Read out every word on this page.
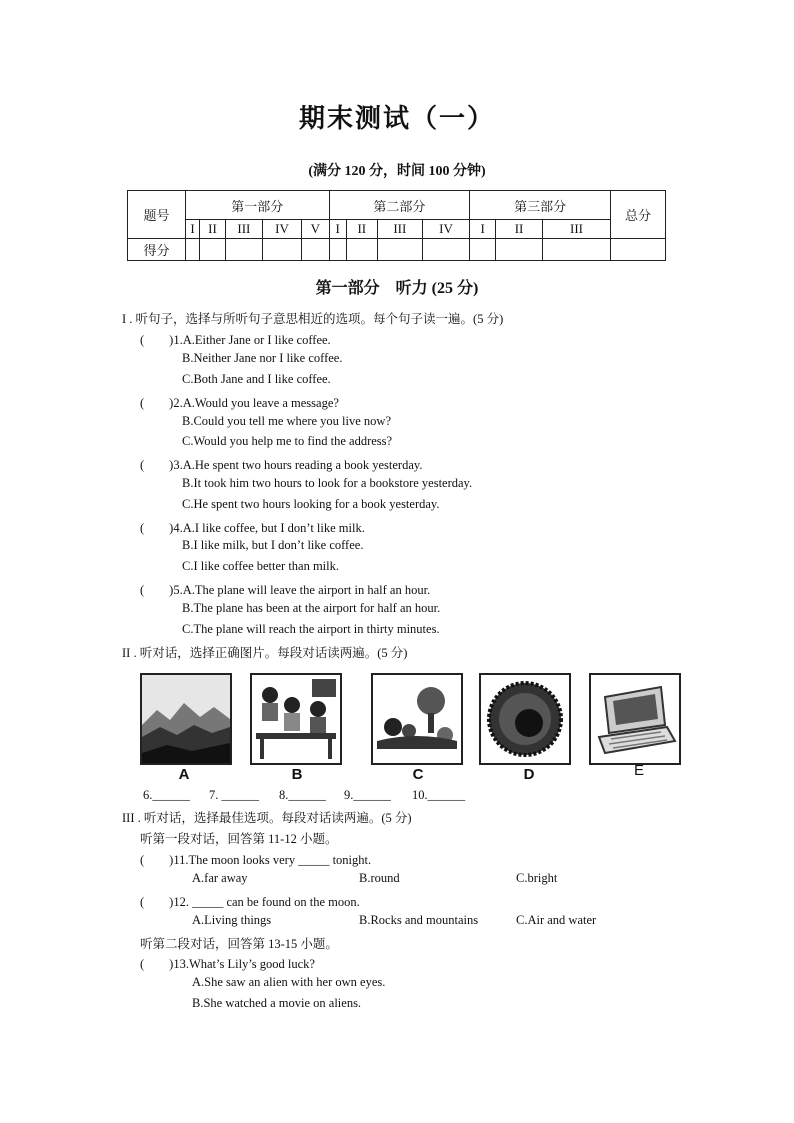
期末测试（一）
(满分 120 分，时间 100 分钟)
题号	第一部分					第二部分				第三部分			总分
	I	II	III	IV	V	I	II	III	IV	I	II	III	
得分													
第一部分　听力 (25 分)
I . 听句子，选择与所听句子意思相近的选项。每个句子读一遍。(5 分)
(　　)1.A.Either Jane or I like coffee.
B.Neither Jane nor I like coffee.
C.Both Jane and I like coffee.
(　　)2.A.Would you leave a message?
B.Could you tell me where you live now?
C.Would you help me to find the address?
(　　)3.A.He spent two hours reading a book yesterday.
B.It took him two hours to look for a bookstore yesterday.
C.He spent two hours looking for a book yesterday.
(　　)4.A.I like coffee, but I don’t like milk.
B.I like milk, but I don’t like coffee.
C.I like coffee better than milk.
(　　)5.A.The plane will leave the airport in half an hour.
B.The plane has been at the airport for half an hour.
C.The plane will reach the airport in thirty minutes.
II . 听对话，选择正确图片。每段对话读两遍。(5 分)
A	B	C	D	E
6.______ 7. ______ 8.______ 9.______ 10.______
III . 听对话，选择最佳选项。每段对话读两遍。(5 分)
听第一段对话，回答第 11-12 小题。
(　　)11.The moon looks very _____ tonight.
A.far away	B.round	C.bright
(　　)12. _____ can be found on the moon.
A.Living things	B.Rocks and mountains	C.Air and water
听第二段对话，回答第 13-15 小题。
(　　)13.What’s Lily’s good luck?
A.She saw an alien with her own eyes.
B.She watched a movie on aliens.
